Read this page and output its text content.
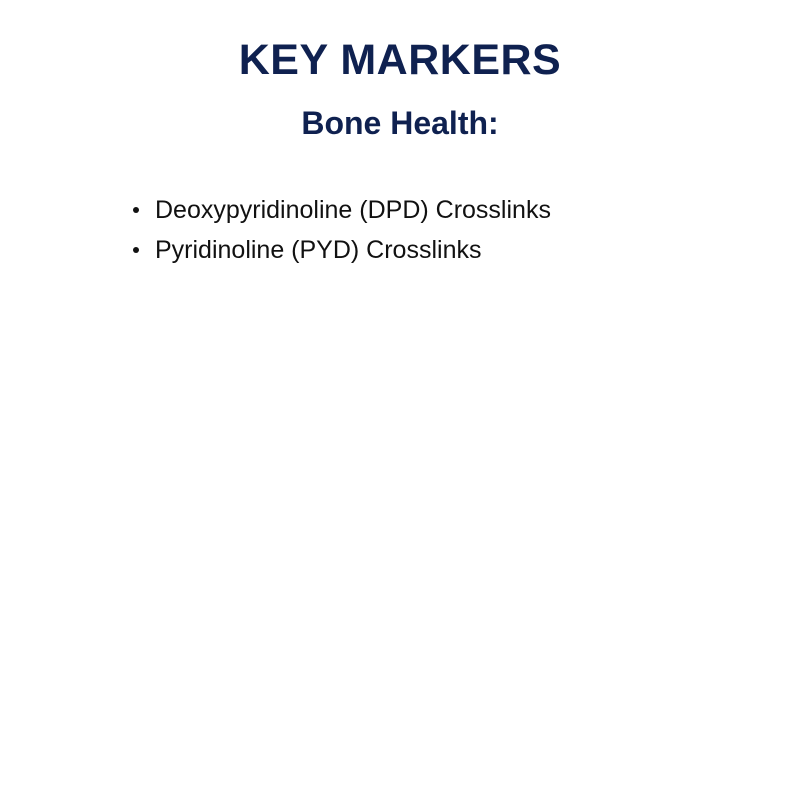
KEY MARKERS
Bone Health:
Deoxypyridinoline (DPD) Crosslinks
Pyridinoline (PYD) Crosslinks
